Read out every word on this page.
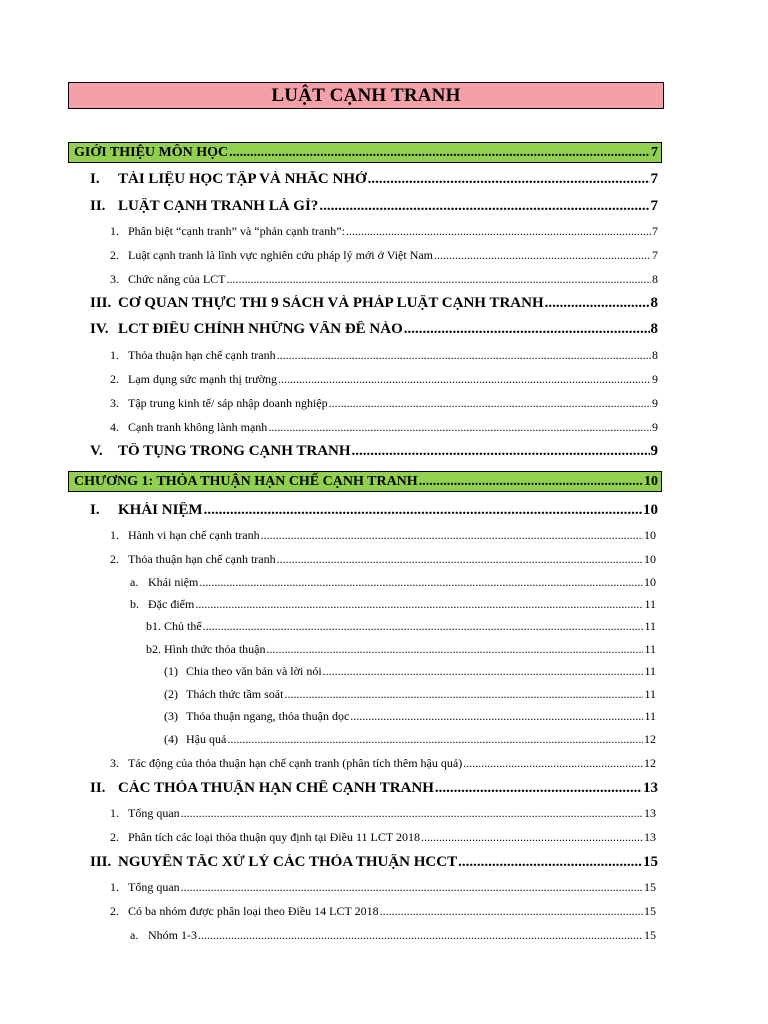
LUẬT CẠNH TRANH
GIỚI THIỆU MÔN HỌC .....	7
I. TÀI LIỆU HỌC TẬP VÀ NHẮC NHỞ .....	7
II. LUẬT CẠNH TRANH LÀ GÌ? .....	7
1. Phân biệt “cạnh tranh” và “phản cạnh tranh”: .....	7
2. Luật cạnh tranh là lĩnh vực nghiên cứu pháp lý mới ở Việt Nam .....	7
3. Chức năng của LCT .....	8
III. CƠ QUAN THỰC THI 9 SÁCH VÀ PHÁP LUẬT CẠNH TRANH .....	8
IV. LCT ĐIỀU CHỈNH NHỮNG VẤN ĐỀ NÀO .....	8
1. Thỏa thuận hạn chế cạnh tranh .....	8
2. Lạm dụng sức mạnh thị trường .....	9
3. Tập trung kinh tế/ sáp nhập doanh nghiệp .....	9
4. Cạnh tranh không lành mạnh .....	9
V. TỐ TỤNG TRONG CẠNH TRANH .....	9
CHƯƠNG 1: THỎA THUẬN HẠN CHẾ CẠNH TRANH .....	10
I. KHÁI NIỆM .....	10
1. Hành vi hạn chế cạnh tranh .....	10
2. Thỏa thuận hạn chế cạnh tranh .....	10
a. Khái niệm .....	10
b. Đặc điểm .....	11
b1. Chủ thể .....	11
b2. Hình thức thỏa thuận .....	11
(1) Chia theo văn bản và lời nói .....	11
(2) Thách thức tầm soát .....	11
(3) Thỏa thuận ngang, thỏa thuận dọc .....	11
(4) Hậu quả .....	12
3. Tác động của thỏa thuận hạn chế cạnh tranh (phân tích thêm hậu quả) .....	12
II. CÁC THỎA THUẬN HẠN CHẾ CẠNH TRANH .....	13
1. Tổng quan .....	13
2. Phân tích các loại thỏa thuận quy định tại Điều 11 LCT 2018 .....	13
III. NGUYÊN TẮC XỬ LÝ CÁC THỎA THUẬN HCCT .....	15
1. Tổng quan .....	15
2. Có ba nhóm được phân loại theo Điều 14 LCT 2018 .....	15
a. Nhóm 1-3 .....	15
